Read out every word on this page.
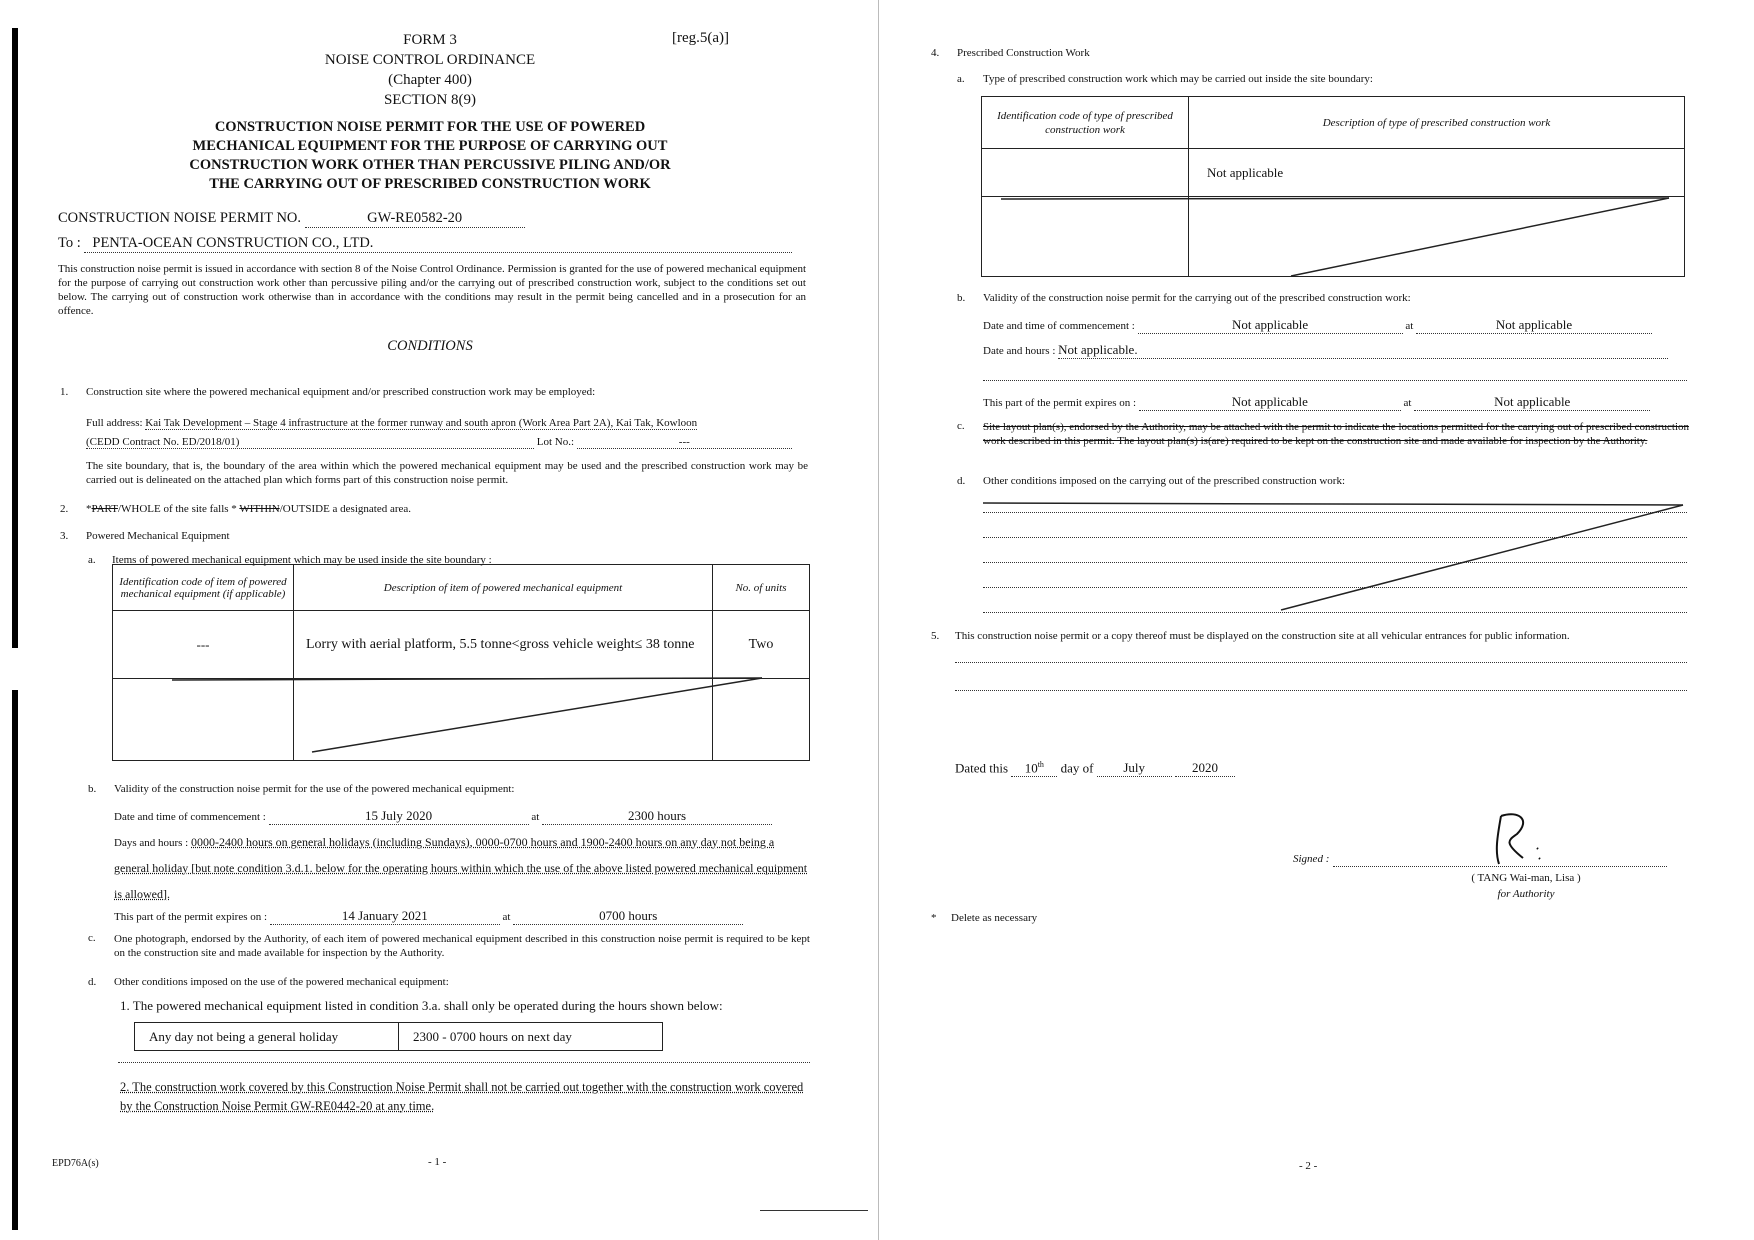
FORM 3
NOISE CONTROL ORDINANCE
(Chapter 400)
SECTION 8(9)
[reg.5(a)]
CONSTRUCTION NOISE PERMIT FOR THE USE OF POWERED
MECHANICAL EQUIPMENT FOR THE PURPOSE OF CARRYING OUT
CONSTRUCTION WORK OTHER THAN PERCUSSIVE PILING AND/OR
THE CARRYING OUT OF PRESCRIBED CONSTRUCTION WORK
CONSTRUCTION NOISE PERMIT NO.	GW-RE0582-20
To : PENTA-OCEAN CONSTRUCTION CO., LTD.
This construction noise permit is issued in accordance with section 8 of the Noise Control Ordinance. Permission is granted for the use of powered mechanical equipment for the purpose of carrying out construction work other than percussive piling and/or the carrying out of prescribed construction work, subject to the conditions set out below. The carrying out of construction work otherwise than in accordance with the conditions may result in the permit being cancelled and in a prosecution for an offence.
CONDITIONS
1. Construction site where the powered mechanical equipment and/or prescribed construction work may be employed:
Full address: Kai Tak Development – Stage 4 infrastructure at the former runway and south apron (Work Area Part 2A), Kai Tak, Kowloon
(CEDD Contract No. ED/2018/01)	Lot No.:	---
The site boundary, that is, the boundary of the area within which the powered mechanical equipment may be used and the prescribed construction work may be carried out is delineated on the attached plan which forms part of this construction noise permit.
2. *PART/WHOLE of the site falls * WITHIN/OUTSIDE a designated area.
3. Powered Mechanical Equipment
a. Items of powered mechanical equipment which may be used inside the site boundary :
Identification code of item of powered mechanical equipment (if applicable)	Description of item of powered mechanical equipment	No. of units
---	Lorry with aerial platform, 5.5 tonne<gross vehicle weight≤ 38 tonne	Two

b. Validity of the construction noise permit for the use of the powered mechanical equipment:
Date and time of commencement :	15 July 2020	at	2300 hours
Days and hours : 0000-2400 hours on general holidays (including Sundays), 0000-0700 hours and 1900-2400 hours on any day not being a general holiday [but note condition 3.d.1. below for the operating hours within which the use of the above listed powered mechanical equipment is allowed].
This part of the permit expires on :	14 January 2021	at	0700 hours
c. One photograph, endorsed by the Authority, of each item of powered mechanical equipment described in this construction noise permit is required to be kept on the construction site and made available for inspection by the Authority.
d. Other conditions imposed on the use of the powered mechanical equipment:
1. The powered mechanical equipment listed in condition 3.a. shall only be operated during the hours shown below:
Any day not being a general holiday	2300 - 0700 hours on next day
2. The construction work covered by this Construction Noise Permit shall not be carried out together with the construction work covered by the Construction Noise Permit GW-RE0442-20 at any time.
EPD76A(s)	- 1 -
4. Prescribed Construction Work
a. Type of prescribed construction work which may be carried out inside the site boundary:
Identification code of type of prescribed construction work	Description of type of prescribed construction work
	Not applicable

b. Validity of the construction noise permit for the carrying out of the prescribed construction work:
Date and time of commencement :	Not applicable	at	Not applicable
Date and hours : Not applicable.
This part of the permit expires on :	Not applicable	at	Not applicable
c. Site layout plan(s), endorsed by the Authority, may be attached with the permit to indicate the locations permitted for the carrying out of prescribed construction work described in this permit. The layout plan(s) is(are) required to be kept on the construction site and made available for inspection by the Authority.
d. Other conditions imposed on the carrying out of the prescribed construction work:
5. This construction noise permit or a copy thereof must be displayed on the construction site at all vehicular entrances for public information.
Dated this 10th day of July	2020
Signed :
( TANG Wai-man, Lisa )
for Authority
* Delete as necessary
- 2 -
